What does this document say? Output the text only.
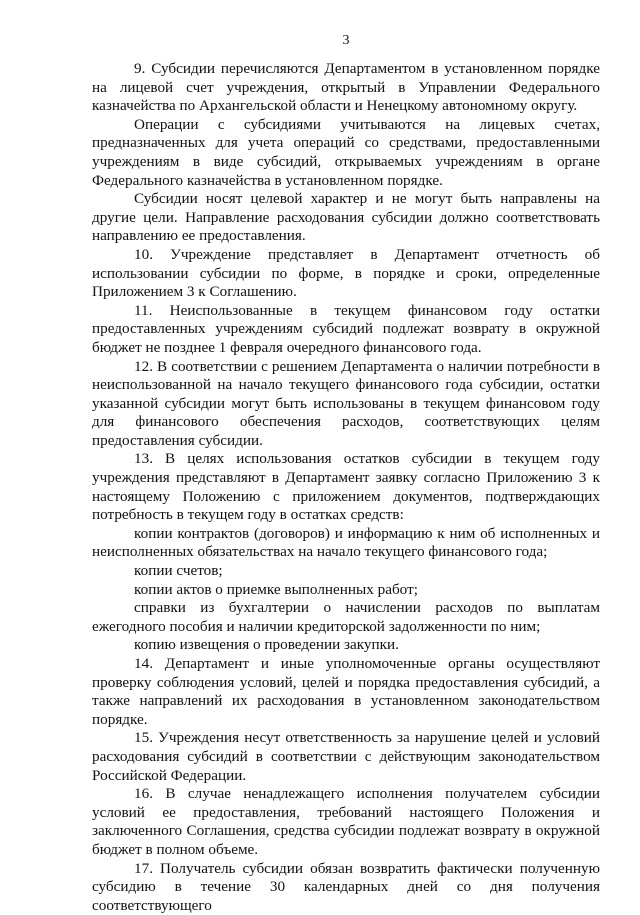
3

9. Субсидии перечисляются Департаментом в установленном порядке на лицевой счет учреждения, открытый в Управлении Федерального казначейства по Архангельской области и Ненецкому автономному округу.

Операции с субсидиями учитываются на лицевых счетах, предназначенных для учета операций со средствами, предоставленными учреждениям в виде субсидий, открываемых учреждениям в органе Федерального казначейства в установленном порядке.

Субсидии носят целевой характер и не могут быть направлены на другие цели. Направление расходования субсидии должно соответствовать направлению ее предоставления.

10. Учреждение представляет в Департамент отчетность об использовании субсидии по форме, в порядке и сроки, определенные Приложением 3 к Соглашению.

11. Неиспользованные в текущем финансовом году остатки предоставленных учреждениям субсидий подлежат возврату в окружной бюджет не позднее 1 февраля очередного финансового года.

12. В соответствии с решением Департамента о наличии потребности в неиспользованной на начало текущего финансового года субсидии, остатки указанной субсидии могут быть использованы в текущем финансовом году для финансового обеспечения расходов, соответствующих целям предоставления субсидии.

13. В целях использования остатков субсидии в текущем году учреждения представляют в Департамент заявку согласно Приложению 3 к настоящему Положению с приложением документов, подтверждающих потребность в текущем году в остатках средств:

копии контрактов (договоров) и информацию к ним об исполненных и неисполненных обязательствах на начало текущего финансового года;

копии счетов;

копии актов о приемке выполненных работ;

справки из бухгалтерии о начислении расходов по выплатам ежегодного пособия и наличии кредиторской задолженности по ним;

копию извещения о проведении закупки.

14. Департамент и иные уполномоченные органы осуществляют проверку соблюдения условий, целей и порядка предоставления субсидий, а также направлений их расходования в установленном законодательством порядке.

15. Учреждения несут ответственность за нарушение целей и условий расходования субсидий в соответствии с действующим законодательством Российской Федерации.

16. В случае ненадлежащего исполнения получателем субсидии условий ее предоставления, требований настоящего Положения и заключенного Соглашения, средства субсидии подлежат возврату в окружной бюджет в полном объеме.

17. Получатель субсидии обязан возвратить фактически полученную субсидию в течение 30 календарных дней со дня получения соответствующего
